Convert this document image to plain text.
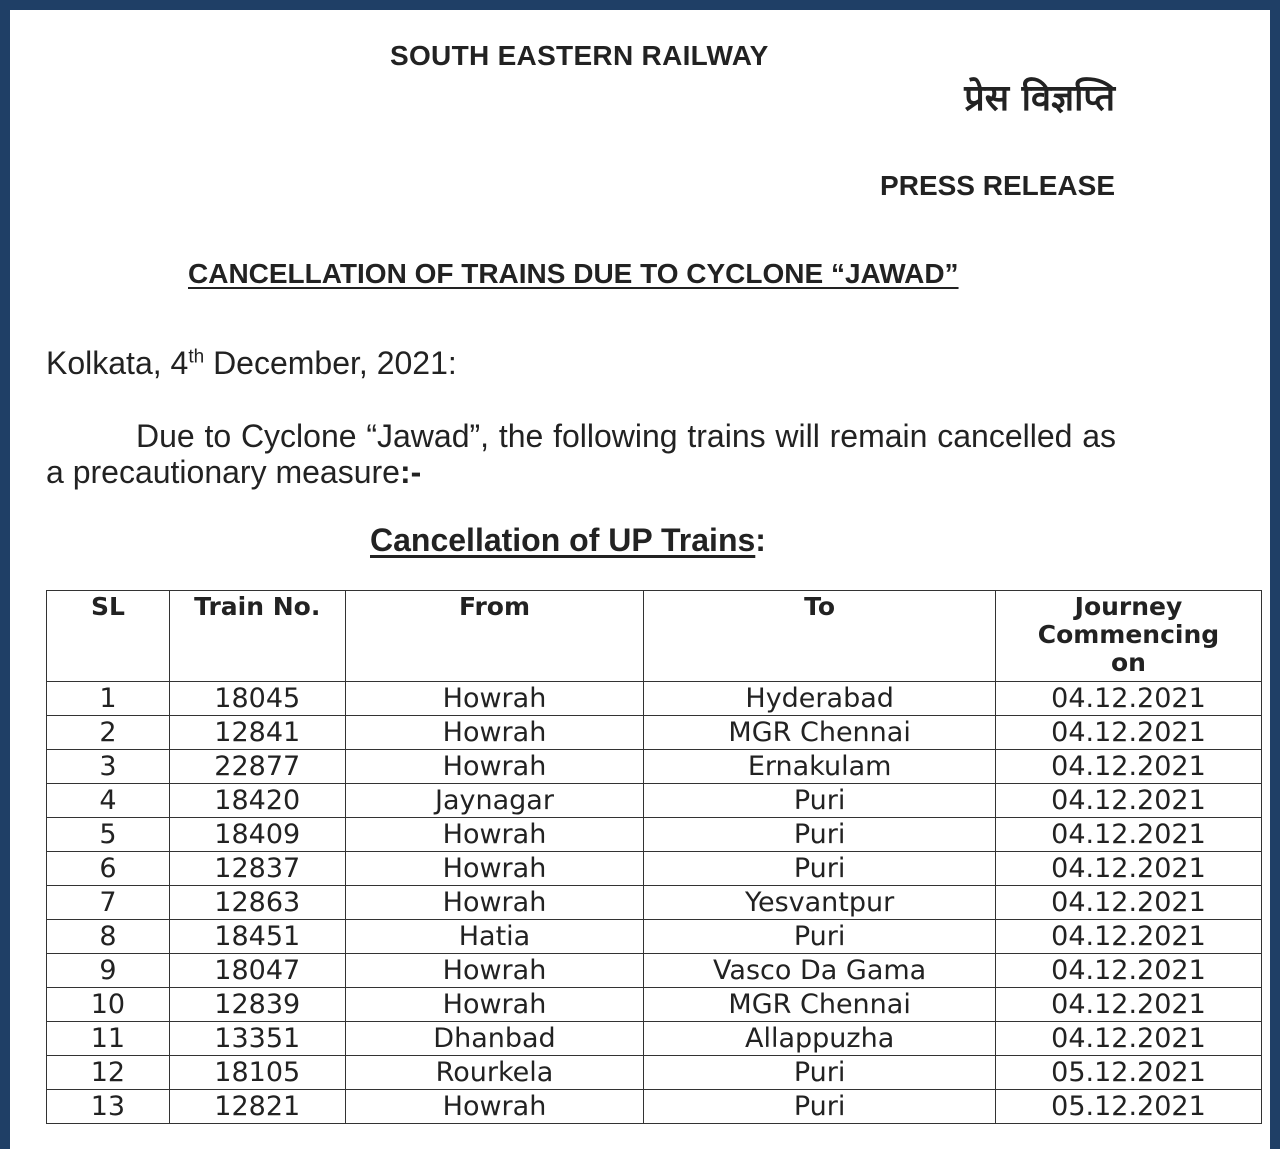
SOUTH EASTERN RAILWAY
प्रेस विज्ञप्ति
PRESS RELEASE
CANCELLATION OF TRAINS DUE TO CYCLONE “JAWAD”
Kolkata, 4th December, 2021:
Due to Cyclone “Jawad”, the following trains will remain cancelled as a precautionary measure:-
Cancellation of UP Trains:
SL	Train No.	From	To	Journey Commencing on
1	18045	Howrah	Hyderabad	04.12.2021
2	12841	Howrah	MGR Chennai	04.12.2021
3	22877	Howrah	Ernakulam	04.12.2021
4	18420	Jaynagar	Puri	04.12.2021
5	18409	Howrah	Puri	04.12.2021
6	12837	Howrah	Puri	04.12.2021
7	12863	Howrah	Yesvantpur	04.12.2021
8	18451	Hatia	Puri	04.12.2021
9	18047	Howrah	Vasco Da Gama	04.12.2021
10	12839	Howrah	MGR Chennai	04.12.2021
11	13351	Dhanbad	Allappuzha	04.12.2021
12	18105	Rourkela	Puri	05.12.2021
13	12821	Howrah	Puri	05.12.2021
